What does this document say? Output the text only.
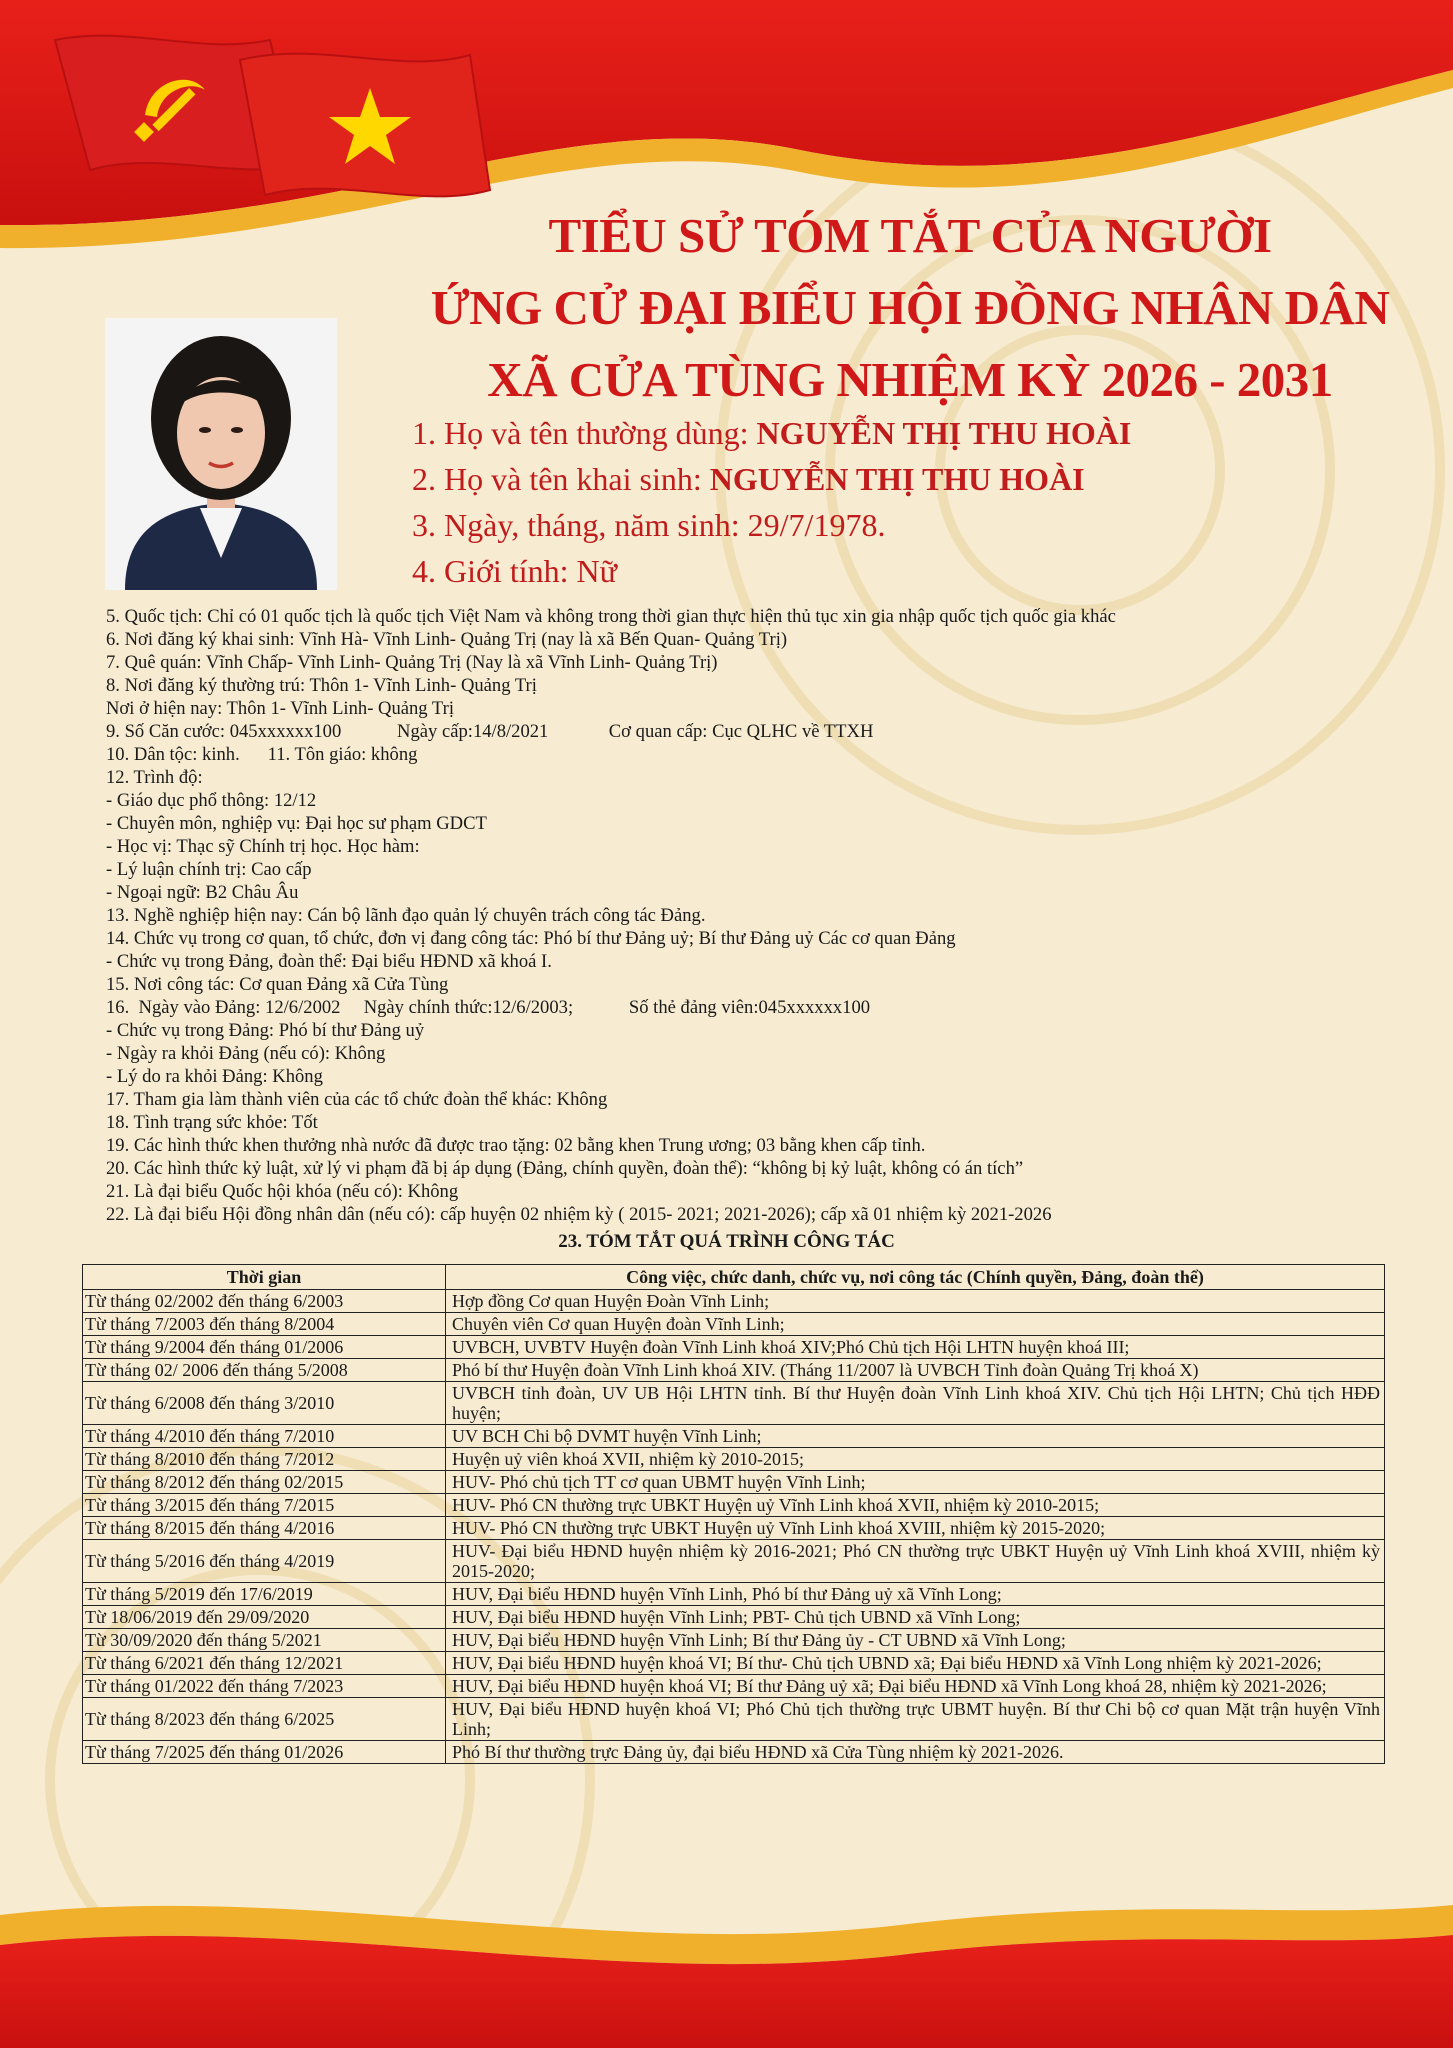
TIỂU SỬ TÓM TẮT CỦA NGƯỜI
ỨNG CỬ ĐẠI BIỂU HỘI ĐỒNG NHÂN DÂN
XÃ CỬA TÙNG NHIỆM KỲ 2026 - 2031
1. Họ và tên thường dùng: NGUYỄN THỊ THU HOÀI
2. Họ và tên khai sinh: NGUYỄN THỊ THU HOÀI
3. Ngày, tháng, năm sinh: 29/7/1978.
4. Giới tính: Nữ
5. Quốc tịch: Chỉ có 01 quốc tịch là quốc tịch Việt Nam và không trong thời gian thực hiện thủ tục xin gia nhập quốc tịch quốc gia khác
6. Nơi đăng ký khai sinh: Vĩnh Hà- Vĩnh Linh- Quảng Trị (nay là xã Bến Quan- Quảng Trị)
7. Quê quán: Vĩnh Chấp- Vĩnh Linh- Quảng Trị (Nay là xã Vĩnh Linh- Quảng Trị)
8. Nơi đăng ký thường trú: Thôn 1- Vĩnh Linh- Quảng Trị
Nơi ở hiện nay: Thôn 1- Vĩnh Linh- Quảng Trị
9. Số Căn cước: 045xxxxxx100            Ngày cấp:14/8/2021             Cơ quan cấp: Cục QLHC về TTXH
10. Dân tộc: kinh.      11. Tôn giáo: không
12. Trình độ:
- Giáo dục phổ thông: 12/12
- Chuyên môn, nghiệp vụ: Đại học sư phạm GDCT
- Học vị: Thạc sỹ Chính trị học. Học hàm:
- Lý luận chính trị: Cao cấp
- Ngoại ngữ: B2 Châu Âu
13. Nghề nghiệp hiện nay: Cán bộ lãnh đạo quản lý chuyên trách công tác Đảng.
14. Chức vụ trong cơ quan, tổ chức, đơn vị đang công tác: Phó bí thư Đảng uỷ; Bí thư Đảng uỷ Các cơ quan Đảng
- Chức vụ trong Đảng, đoàn thể: Đại biểu HĐND xã khoá I.
15. Nơi công tác: Cơ quan Đảng xã Cửa Tùng
16.  Ngày vào Đảng: 12/6/2002     Ngày chính thức:12/6/2003;            Số thẻ đảng viên:045xxxxxx100
- Chức vụ trong Đảng: Phó bí thư Đảng uỷ
- Ngày ra khỏi Đảng (nếu có): Không
- Lý do ra khỏi Đảng: Không
17. Tham gia làm thành viên của các tổ chức đoàn thể khác: Không
18. Tình trạng sức khỏe: Tốt
19. Các hình thức khen thưởng nhà nước đã được trao tặng: 02 bằng khen Trung ương; 03 bằng khen cấp tỉnh.
20. Các hình thức kỷ luật, xử lý vi phạm đã bị áp dụng (Đảng, chính quyền, đoàn thể): “không bị kỷ luật, không có án tích”
21. Là đại biểu Quốc hội khóa (nếu có): Không
22. Là đại biểu Hội đồng nhân dân (nếu có): cấp huyện 02 nhiệm kỳ ( 2015- 2021; 2021-2026); cấp xã 01 nhiệm kỳ 2021-2026
23. TÓM TẮT QUÁ TRÌNH CÔNG TÁC
Thời gian	Công việc, chức danh, chức vụ, nơi công tác (Chính quyền, Đảng, đoàn thể)
Từ tháng 02/2002 đến tháng 6/2003	Hợp đồng Cơ quan Huyện Đoàn Vĩnh Linh;
Từ tháng 7/2003 đến tháng 8/2004	Chuyên viên Cơ quan Huyện đoàn Vĩnh Linh;
Từ tháng 9/2004 đến tháng 01/2006	UVBCH, UVBTV Huyện đoàn Vĩnh Linh khoá XIV;Phó Chủ tịch Hội LHTN huyện khoá III;
Từ tháng 02/ 2006 đến tháng 5/2008	Phó bí thư Huyện đoàn Vĩnh Linh khoá XIV. (Tháng 11/2007 là UVBCH Tỉnh đoàn Quảng Trị khoá X)
Từ tháng 6/2008 đến tháng 3/2010	UVBCH tỉnh đoàn, UV UB Hội LHTN tỉnh. Bí thư Huyện đoàn Vĩnh Linh khoá XIV. Chủ tịch Hội LHTN; Chủ tịch HĐĐ huyện;
Từ tháng 4/2010 đến tháng 7/2010	UV BCH Chi bộ DVMT huyện Vĩnh Linh;
Từ tháng 8/2010 đến tháng 7/2012	Huyện uỷ viên khoá XVII, nhiệm kỳ 2010-2015;
Từ tháng 8/2012 đến tháng 02/2015	HUV- Phó chủ tịch TT cơ quan UBMT huyện Vĩnh Linh;
Từ tháng 3/2015 đến tháng 7/2015	HUV- Phó CN thường trực UBKT Huyện uỷ Vĩnh Linh khoá XVII, nhiệm kỳ 2010-2015;
Từ tháng 8/2015 đến tháng 4/2016	HUV- Phó CN thường trực UBKT Huyện uỷ Vĩnh Linh khoá XVIII, nhiệm kỳ 2015-2020;
Từ tháng 5/2016 đến tháng 4/2019	HUV- Đại biểu HĐND huyện nhiệm kỳ 2016-2021; Phó CN thường trực UBKT Huyện uỷ Vĩnh Linh khoá XVIII, nhiệm kỳ 2015-2020;
Từ tháng 5/2019 đến 17/6/2019	HUV, Đại biểu HĐND huyện Vĩnh Linh, Phó bí thư Đảng uỷ xã Vĩnh Long;
Từ 18/06/2019 đến 29/09/2020	HUV, Đại biểu HĐND huyện Vĩnh Linh; PBT- Chủ tịch UBND xã Vĩnh Long;
Từ 30/09/2020 đến tháng 5/2021	HUV, Đại biểu HĐND huyện Vĩnh Linh; Bí thư Đảng ủy - CT UBND xã Vĩnh Long;
Từ tháng 6/2021 đến tháng 12/2021	HUV, Đại biểu HĐND huyện khoá VI; Bí thư- Chủ tịch UBND xã; Đại biểu HĐND xã Vĩnh Long nhiệm kỳ 2021-2026;
Từ tháng 01/2022 đến tháng 7/2023	HUV, Đại biểu HĐND huyện khoá VI; Bí thư Đảng uỷ xã; Đại biểu HĐND xã Vĩnh Long khoá 28, nhiệm kỳ 2021-2026;
Từ tháng 8/2023 đến tháng 6/2025	HUV, Đại biểu HĐND huyện khoá VI; Phó Chủ tịch thường trực UBMT huyện. Bí thư Chi bộ cơ quan Mặt trận huyện Vĩnh Linh;
Từ tháng 7/2025 đến tháng 01/2026	Phó Bí thư thường trực Đảng ủy, đại biểu HĐND xã Cửa Tùng nhiệm kỳ 2021-2026.
